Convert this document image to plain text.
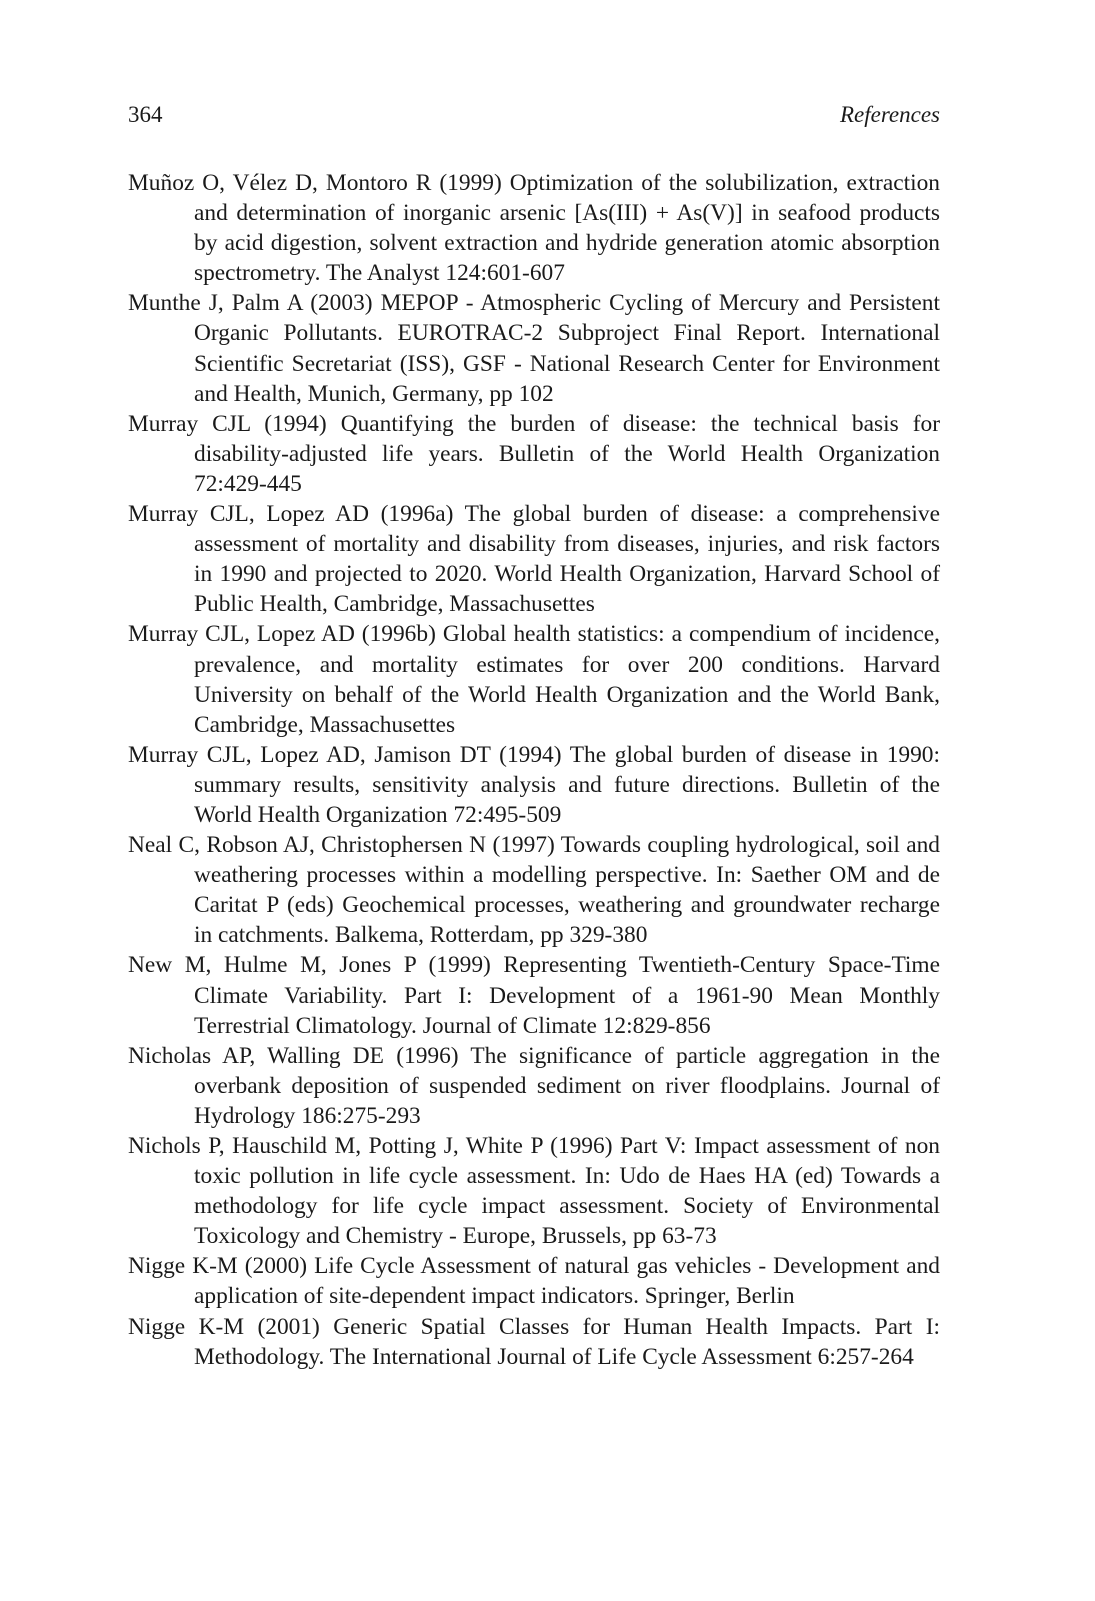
364	References
Muñoz O, Vélez D, Montoro R (1999) Optimization of the solubilization, extraction and determination of inorganic arsenic [As(III) + As(V)] in seafood products by acid digestion, solvent extraction and hydride generation atomic absorption spectrometry. The Analyst 124:601-607
Munthe J, Palm A (2003) MEPOP - Atmospheric Cycling of Mercury and Persistent Organic Pollutants. EUROTRAC-2 Subproject Final Report. International Scientific Secretariat (ISS), GSF - National Research Center for Environment and Health, Munich, Germany, pp 102
Murray CJL (1994) Quantifying the burden of disease: the technical basis for disability-adjusted life years. Bulletin of the World Health Organization 72:429-445
Murray CJL, Lopez AD (1996a) The global burden of disease: a comprehensive assessment of mortality and disability from diseases, injuries, and risk factors in 1990 and projected to 2020. World Health Organization, Harvard School of Public Health, Cambridge, Massachusettes
Murray CJL, Lopez AD (1996b) Global health statistics: a compendium of incidence, prevalence, and mortality estimates for over 200 conditions. Harvard University on behalf of the World Health Organization and the World Bank, Cambridge, Massachusettes
Murray CJL, Lopez AD, Jamison DT (1994) The global burden of disease in 1990: summary results, sensitivity analysis and future directions. Bulletin of the World Health Organization 72:495-509
Neal C, Robson AJ, Christophersen N (1997) Towards coupling hydrological, soil and weathering processes within a modelling perspective. In: Saether OM and de Caritat P (eds) Geochemical processes, weathering and groundwater recharge in catchments. Balkema, Rotterdam, pp 329-380
New M, Hulme M, Jones P (1999) Representing Twentieth-Century Space-Time Climate Variability. Part I: Development of a 1961-90 Mean Monthly Terrestrial Climatology. Journal of Climate 12:829-856
Nicholas AP, Walling DE (1996) The significance of particle aggregation in the overbank deposition of suspended sediment on river floodplains. Journal of Hydrology 186:275-293
Nichols P, Hauschild M, Potting J, White P (1996) Part V: Impact assessment of non toxic pollution in life cycle assessment. In: Udo de Haes HA (ed) Towards a methodology for life cycle impact assessment. Society of Environmental Toxicology and Chemistry - Europe, Brussels, pp 63-73
Nigge K-M (2000) Life Cycle Assessment of natural gas vehicles - Development and application of site-dependent impact indicators. Springer, Berlin
Nigge K-M (2001) Generic Spatial Classes for Human Health Impacts. Part I: Methodology. The International Journal of Life Cycle Assessment 6:257-264
